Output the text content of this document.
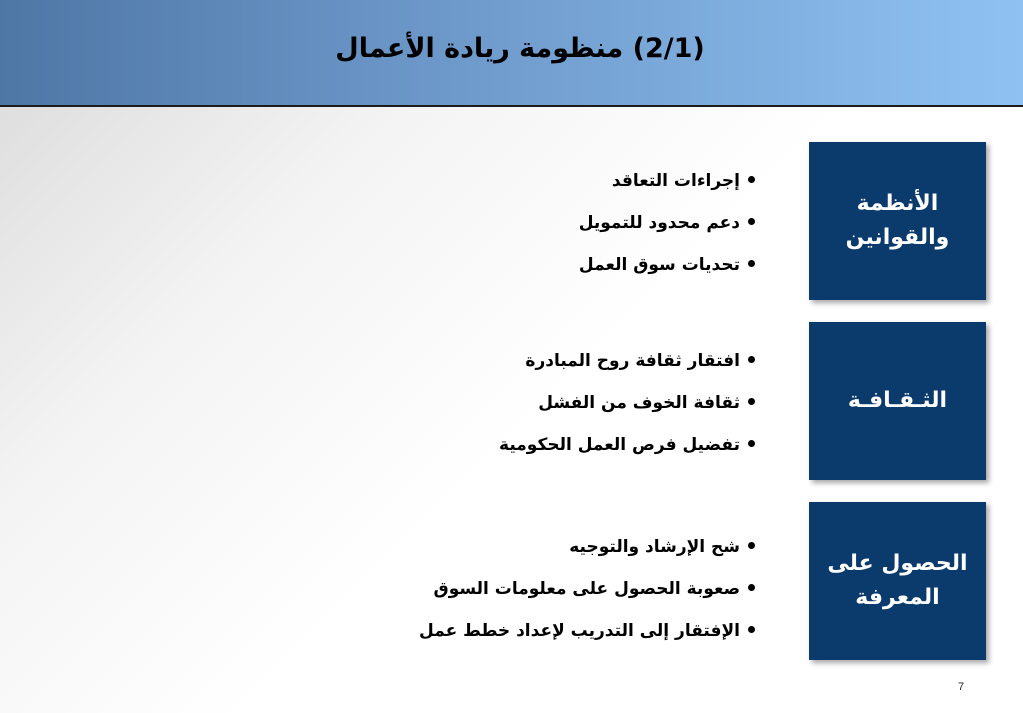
(2/1) منظومة ريادة الأعمال
الأنظمة والقوانين
إجراءات التعاقد
دعم محدود للتمويل
تحديات سوق العمل
الثـقـافـة
افتقار ثقافة روح المبادرة
ثقافة الخوف من الفشل
تفضيل فرص العمل الحكومية
الحصول على المعرفة
شح الإرشاد والتوجيه
صعوبة الحصول على معلومات السوق
الإفتقار إلى التدريب لإعداد خطط عمل
7
